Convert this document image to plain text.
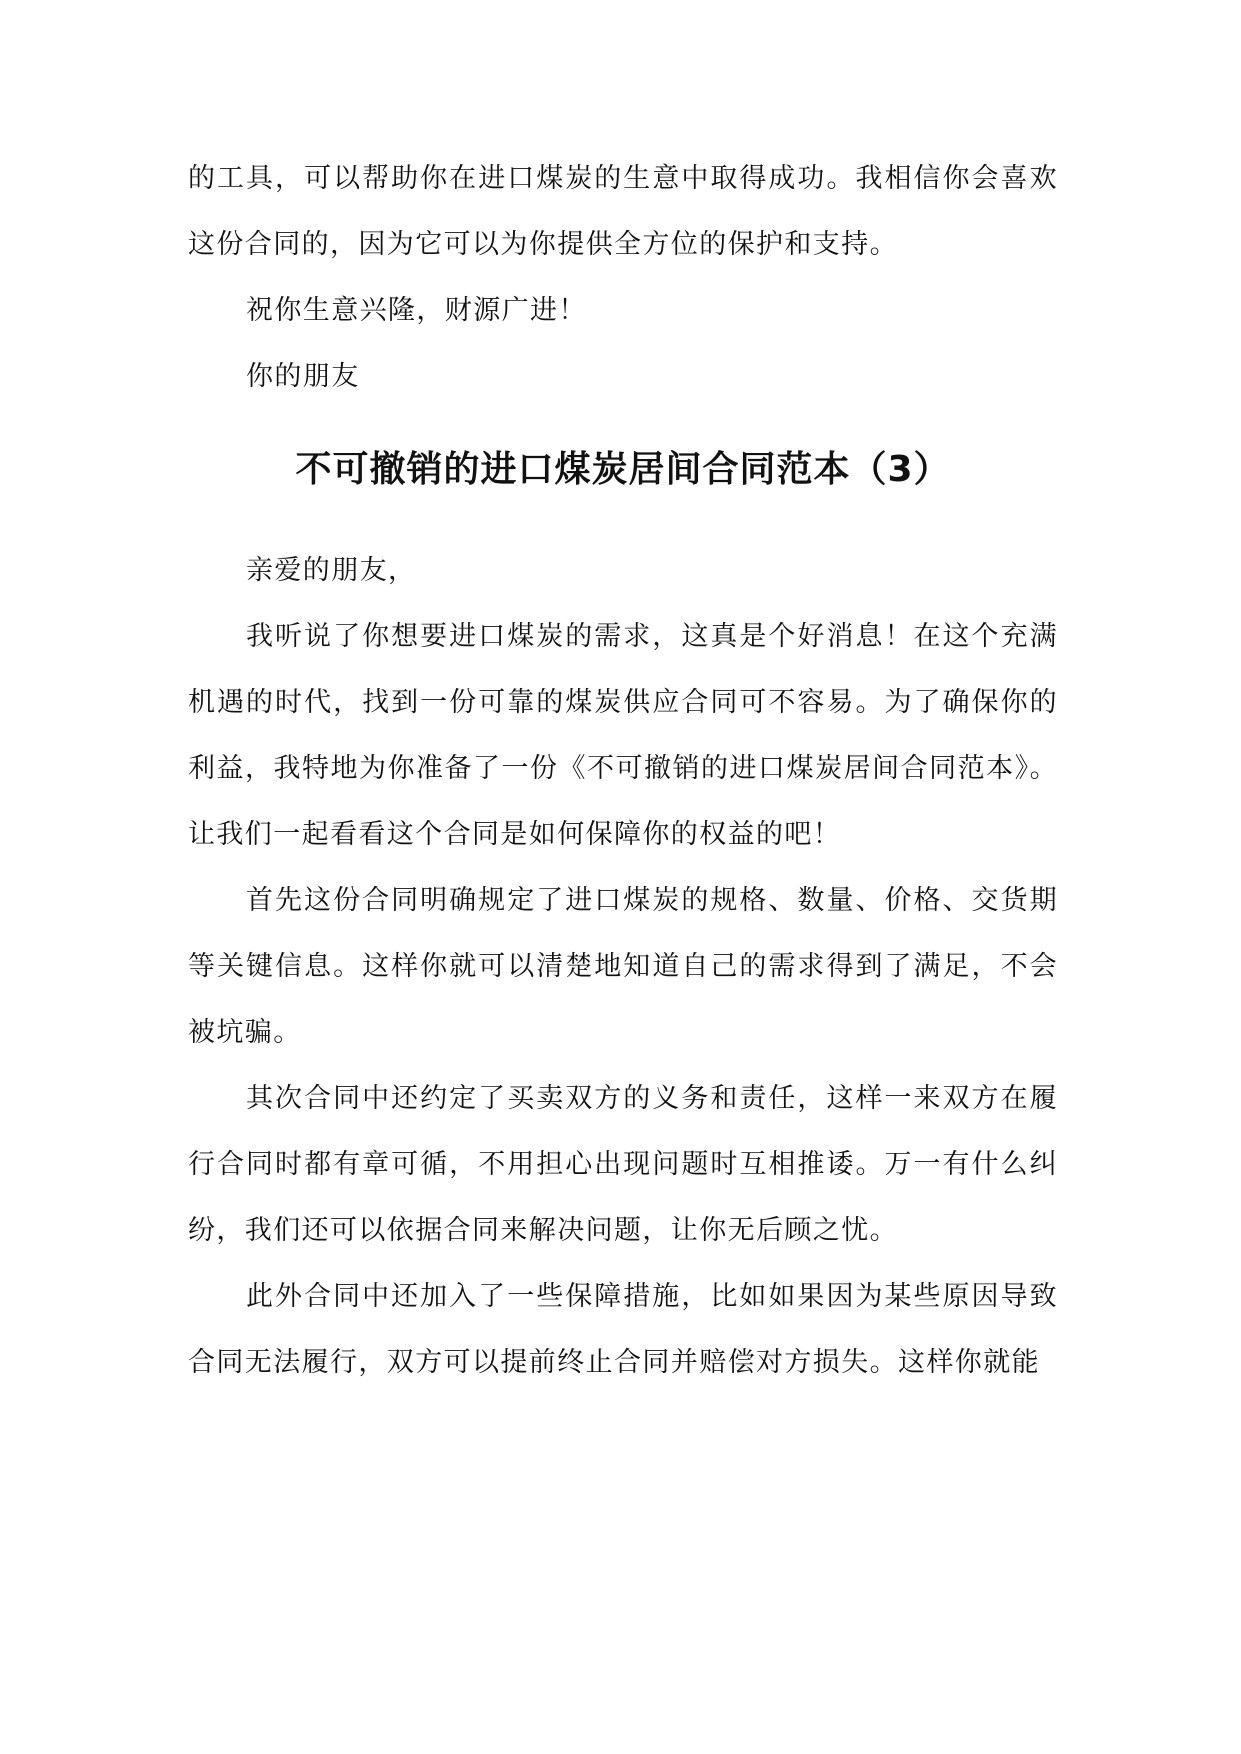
的工具，可以帮助你在进口煤炭的生意中取得成功。我相信你会喜欢这份合同的，因为它可以为你提供全方位的保护和支持。

祝你生意兴隆，财源广进！

你的朋友

不可撤销的进口煤炭居间合同范本（3）

亲爱的朋友，

我听说了你想要进口煤炭的需求，这真是个好消息！在这个充满机遇的时代，找到一份可靠的煤炭供应合同可不容易。为了确保你的利益，我特地为你准备了一份《不可撤销的进口煤炭居间合同范本》。让我们一起看看这个合同是如何保障你的权益的吧！

首先这份合同明确规定了进口煤炭的规格、数量、价格、交货期等关键信息。这样你就可以清楚地知道自己的需求得到了满足，不会被坑骗。

其次合同中还约定了买卖双方的义务和责任，这样一来双方在履行合同时都有章可循，不用担心出现问题时互相推诿。万一有什么纠纷，我们还可以依据合同来解决问题，让你无后顾之忧。

此外合同中还加入了一些保障措施，比如如果因为某些原因导致合同无法履行，双方可以提前终止合同并赔偿对方损失。这样你就能
